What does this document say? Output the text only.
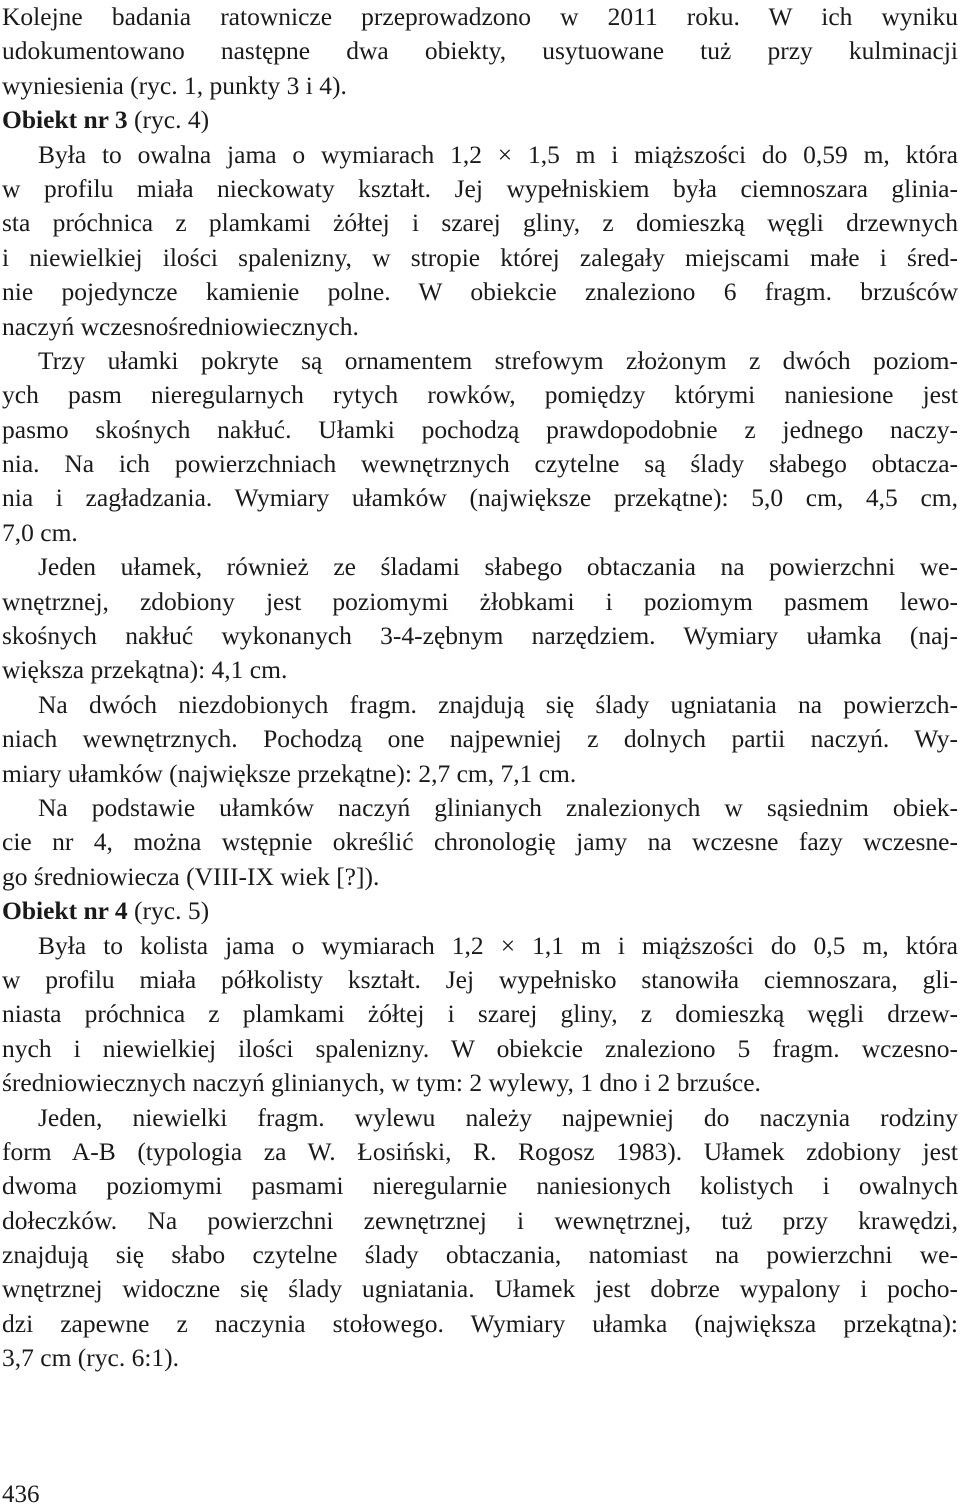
Kolejne badania ratownicze przeprowadzono w 2011 roku. W ich wyniku
udokumentowano następne dwa obiekty, usytuowane tuż przy kulminacji
wyniesienia (ryc. 1, punkty 3 i 4).
Obiekt nr 3 (ryc. 4)
Była to owalna jama o wymiarach 1,2 × 1,5 m i miąższości do 0,59 m, która
w profilu miała nieckowaty kształt. Jej wypełniskiem była ciemnoszara glinia-
sta próchnica z plamkami żółtej i szarej gliny, z domieszką węgli drzewnych
i niewielkiej ilości spalenizny, w stropie której zalegały miejscami małe i śred-
nie pojedyncze kamienie polne. W obiekcie znaleziono 6 fragm. brzuśców
naczyń wczesnośredniowiecznych.
Trzy ułamki pokryte są ornamentem strefowym złożonym z dwóch poziom-
ych pasm nieregularnych rytych rowków, pomiędzy którymi naniesione jest
pasmo skośnych nakłuć. Ułamki pochodzą prawdopodobnie z jednego naczy-
nia. Na ich powierzchniach wewnętrznych czytelne są ślady słabego obtacza-
nia i zagładzania. Wymiary ułamków (największe przekątne): 5,0 cm, 4,5 cm,
7,0 cm.
Jeden ułamek, również ze śladami słabego obtaczania na powierzchni we-
wnętrznej, zdobiony jest poziomymi żłobkami i poziomym pasmem lewo-
skośnych nakłuć wykonanych 3-4-zębnym narzędziem. Wymiary ułamka (naj-
większa przekątna): 4,1 cm.
Na dwóch niezdobionych fragm. znajdują się ślady ugniatania na powierzch-
niach wewnętrznych. Pochodzą one najpewniej z dolnych partii naczyń. Wy-
miary ułamków (największe przekątne): 2,7 cm, 7,1 cm.
Na podstawie ułamków naczyń glinianych znalezionych w sąsiednim obiek-
cie nr 4, można wstępnie określić chronologię jamy na wczesne fazy wczesne-
go średniowiecza (VIII-IX wiek [?]).
Obiekt nr 4 (ryc. 5)
Była to kolista jama o wymiarach 1,2 × 1,1 m i miąższości do 0,5 m, która
w profilu miała półkolisty kształt. Jej wypełnisko stanowiła ciemnoszara, gli-
niasta próchnica z plamkami żółtej i szarej gliny, z domieszką węgli drzew-
nych i niewielkiej ilości spalenizny. W obiekcie znaleziono 5 fragm. wczesno-
średniowiecznych naczyń glinianych, w tym: 2 wylewy, 1 dno i 2 brzuśce.
Jeden, niewielki fragm. wylewu należy najpewniej do naczynia rodziny
form A-B (typologia za W. Łosiński, R. Rogosz 1983). Ułamek zdobiony jest
dwoma poziomymi pasmami nieregularnie naniesionych kolistych i owalnych
dołeczków. Na powierzchni zewnętrznej i wewnętrznej, tuż przy krawędzi,
znajdują się słabo czytelne ślady obtaczania, natomiast na powierzchni we-
wnętrznej widoczne się ślady ugniatania. Ułamek jest dobrze wypalony i pocho-
dzi zapewne z naczynia stołowego. Wymiary ułamka (największa przekątna):
3,7 cm (ryc. 6:1).
436
